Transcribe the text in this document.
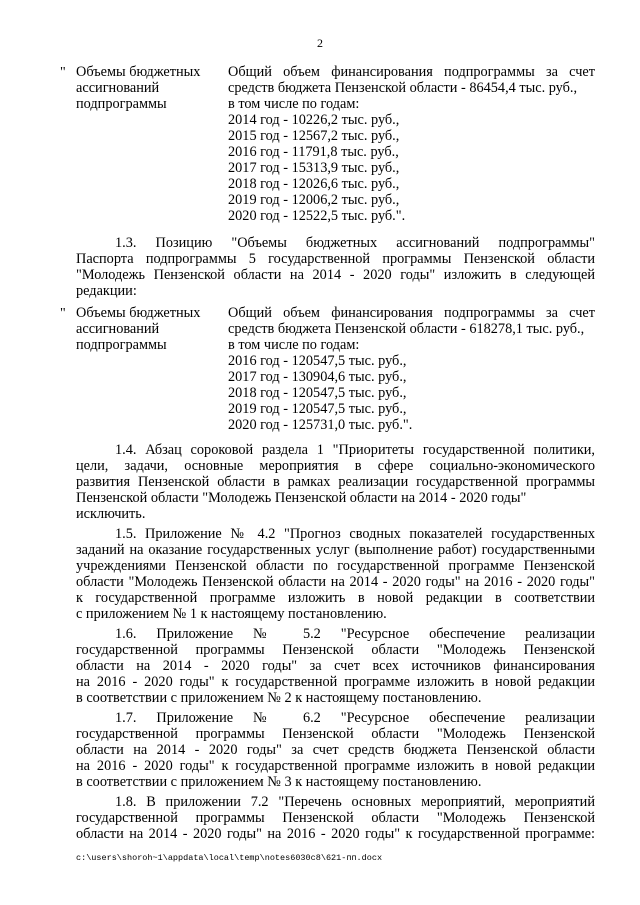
2
" Объемы бюджетных
ассигнований
подпрограммы
Общий объем финансирования подпрограммы за счет
средств бюджета Пензенской области - 86454,4 тыс. руб.,
в том числе по годам:
2014 год - 10226,2 тыс. руб.,
2015 год - 12567,2 тыс. руб.,
2016 год - 11791,8 тыс. руб.,
2017 год - 15313,9 тыс. руб.,
2018 год - 12026,6 тыс. руб.,
2019 год - 12006,2 тыс. руб.,
2020 год - 12522,5 тыс. руб.".
1.3. Позицию "Объемы бюджетных ассигнований подпрограммы"
Паспорта подпрограммы 5 государственной программы Пензенской области
"Молодежь Пензенской области на 2014 - 2020 годы" изложить в следующей
редакции:
" Объемы бюджетных
ассигнований
подпрограммы
Общий объем финансирования подпрограммы за счет
средств бюджета Пензенской области - 618278,1 тыс. руб.,
в том числе по годам:
2016 год - 120547,5 тыс. руб.,
2017 год - 130904,6 тыс. руб.,
2018 год - 120547,5 тыс. руб.,
2019 год - 120547,5 тыс. руб.,
2020 год - 125731,0 тыс. руб.".
1.4. Абзац сороковой раздела 1 "Приоритеты государственной политики,
цели, задачи, основные мероприятия в сфере социально-экономического
развития Пензенской области в рамках реализации государственной программы
Пензенской области "Молодежь Пензенской области на 2014 - 2020 годы"
исключить.
1.5. Приложение № 4.2 "Прогноз сводных показателей государственных
заданий на оказание государственных услуг (выполнение работ) государственными
учреждениями Пензенской области по государственной программе Пензенской
области "Молодежь Пензенской области на 2014 - 2020 годы" на 2016 - 2020 годы"
к государственной программе изложить в новой редакции в соответствии
с приложением № 1 к настоящему постановлению.
1.6. Приложение № 5.2 "Ресурсное обеспечение реализации
государственной программы Пензенской области "Молодежь Пензенской
области на 2014 - 2020 годы" за счет всех источников финансирования
на 2016 - 2020 годы" к государственной программе изложить в новой редакции
в соответствии с приложением № 2 к настоящему постановлению.
1.7. Приложение № 6.2 "Ресурсное обеспечение реализации
государственной программы Пензенской области "Молодежь Пензенской
области на 2014 - 2020 годы" за счет средств бюджета Пензенской области
на 2016 - 2020 годы" к государственной программе изложить в новой редакции
в соответствии с приложением № 3 к настоящему постановлению.
1.8. В приложении 7.2 "Перечень основных мероприятий, мероприятий
государственной программы Пензенской области "Молодежь Пензенской
области на 2014 - 2020 годы" на 2016 - 2020 годы" к государственной программе:
c:\users\shoroh~1\appdata\local\temp\notes6030c8\621-пп.docx
